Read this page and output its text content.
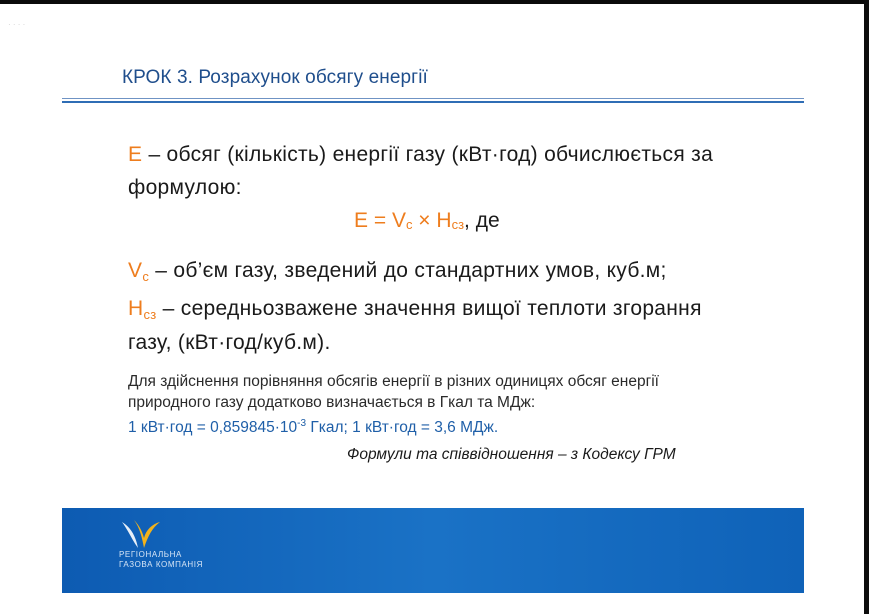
· · · ·
КРОК 3. Розрахунок обсягу енергії
Е – обсяг (кількість) енергії газу (кВт·год) обчислюється за формулою:
$Е = V_с \times Н_{сз}$, де
$V_с$ – об’єм газу, зведений до стандартних умов, куб.м;
$Н_{сз}$ – середньозважене значення вищої теплоти згорання газу, (кВт·год/куб.м).
Для здійснення порівняння обсягів енергії в різних одиницях обсяг енергії природного газу додатково визначається в Гкал та МДж:
1 $кВт\cdot год = 0,859845\cdot 10^{-3}$ Гкал; 1 кВт·год = 3,6 МДж.
Формули та співвідношення – з Кодексу ГРМ
РЕГІОНАЛЬНА
ГАЗОВА КОМПАНІЯ
